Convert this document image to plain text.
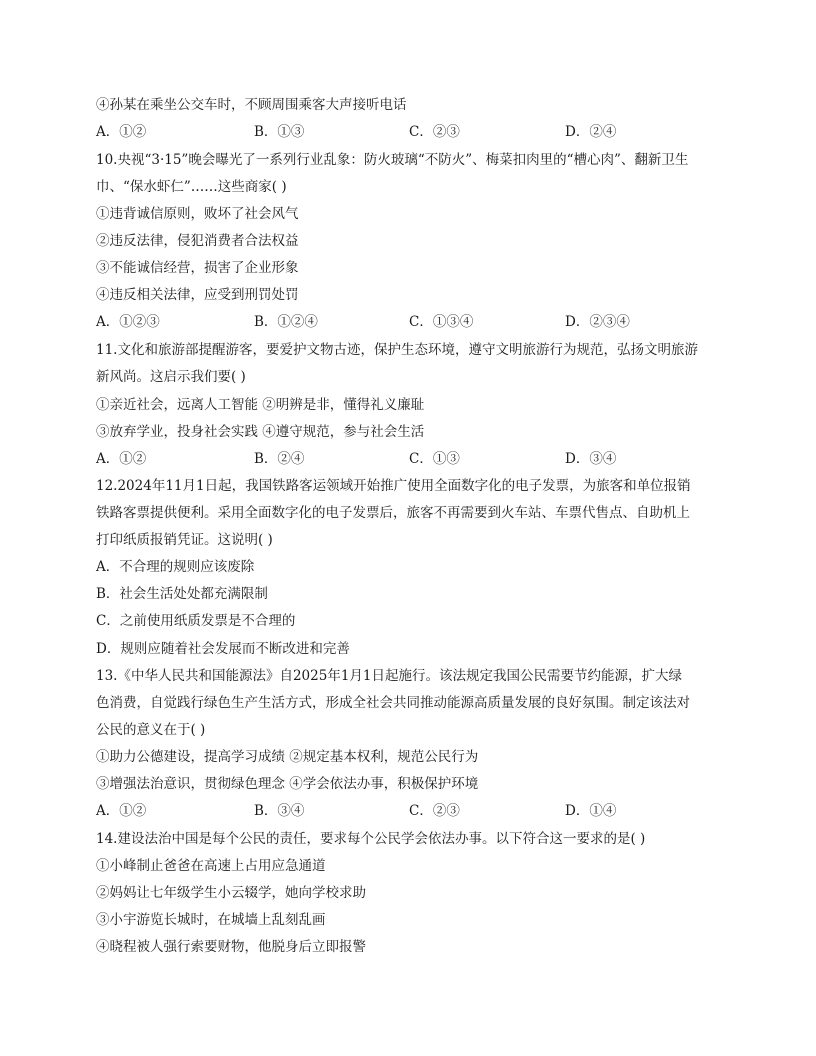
④孙某在乘坐公交车时，不顾周围乘客大声接听电话
A．①②	B．①③	C．②③	D．②④
10.央视“3·15”晚会曝光了一系列行业乱象：防火玻璃“不防火”、梅菜扣肉里的“槽心肉”、翻新卫生
巾、“保水虾仁”……这些商家( )
①违背诚信原则，败坏了社会风气
②违反法律，侵犯消费者合法权益
③不能诚信经营，损害了企业形象
④违反相关法律，应受到刑罚处罚
A．①②③	B．①②④	C．①③④	D．②③④
11.文化和旅游部提醒游客，要爱护文物古迹，保护生态环境，遵守文明旅游行为规范，弘扬文明旅游
新风尚。这启示我们要( )
①亲近社会，远离人工智能 ②明辨是非，懂得礼义廉耻
③放弃学业，投身社会实践 ④遵守规范，参与社会生活
A．①②	B．②④	C．①③	D．③④
12.2024年11月1日起，我国铁路客运领域开始推广使用全面数字化的电子发票，为旅客和单位报销
铁路客票提供便利。采用全面数字化的电子发票后，旅客不再需要到火车站、车票代售点、自助机上
打印纸质报销凭证。这说明( )
A．不合理的规则应该废除
B．社会生活处处都充满限制
C．之前使用纸质发票是不合理的
D．规则应随着社会发展而不断改进和完善
13.《中华人民共和国能源法》自2025年1月1日起施行。该法规定我国公民需要节约能源，扩大绿
色消费，自觉践行绿色生产生活方式，形成全社会共同推动能源高质量发展的良好氛围。制定该法对
公民的意义在于( )
①助力公德建设，提高学习成绩 ②规定基本权利，规范公民行为
③增强法治意识，贯彻绿色理念 ④学会依法办事，积极保护环境
A．①②	B．③④	C．②③	D．①④
14.建设法治中国是每个公民的责任，要求每个公民学会依法办事。以下符合这一要求的是( )
①小峰制止爸爸在高速上占用应急通道
②妈妈让七年级学生小云辍学，她向学校求助
③小宇游览长城时，在城墙上乱刻乱画
④晓程被人强行索要财物，他脱身后立即报警
